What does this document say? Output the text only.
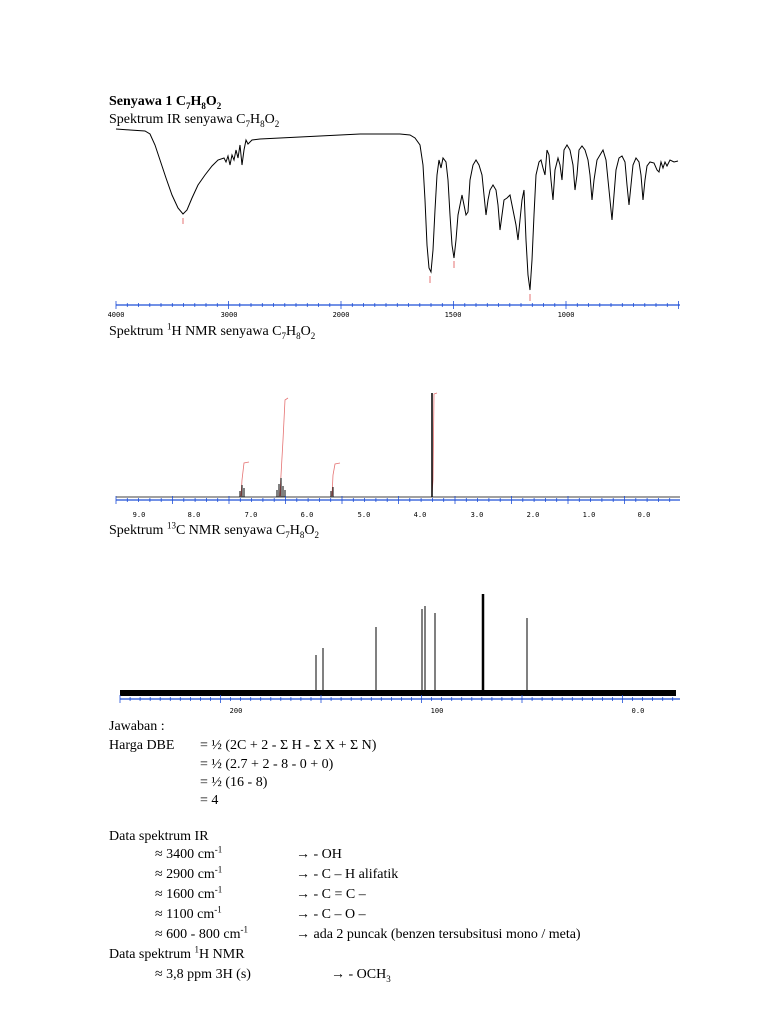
Senyawa 1 $C_7H_8O_2$
Spektrum IR senyawa $C_7H_8O_2$
4000	3000	2000	1500	1000
Spektrum $^1$H NMR senyawa $C_7H_8O_2$
9.0	8.0	7.0	6.0	5.0	4.0	3.0	2.0	1.0	0.0
Spektrum $^{13}$C NMR senyawa $C_7H_8O_2$
200	100	0.0
Jawaban :
Harga DBE = ½ (2C + 2 - Σ H - Σ X + Σ N)
= ½ (2.7 + 2 - 8 - 0 + 0)
= ½ (16 - 8)
= 4
Data spektrum IR
≈ 3400 $cm^{-1}$	→ - OH
≈ 2900 $cm^{-1}$	→ - C – H alifatik
≈ 1600 $cm^{-1}$	→ - C = C –
≈ 1100 $cm^{-1}$	→ - C – O –
≈ 600 - 800 $cm^{-1}$	→ ada 2 puncak (benzen tersubsitusi mono / meta)
Data spektrum $^1$H NMR
≈ 3,8 ppm 3H (s)	→ - $OCH_3$
